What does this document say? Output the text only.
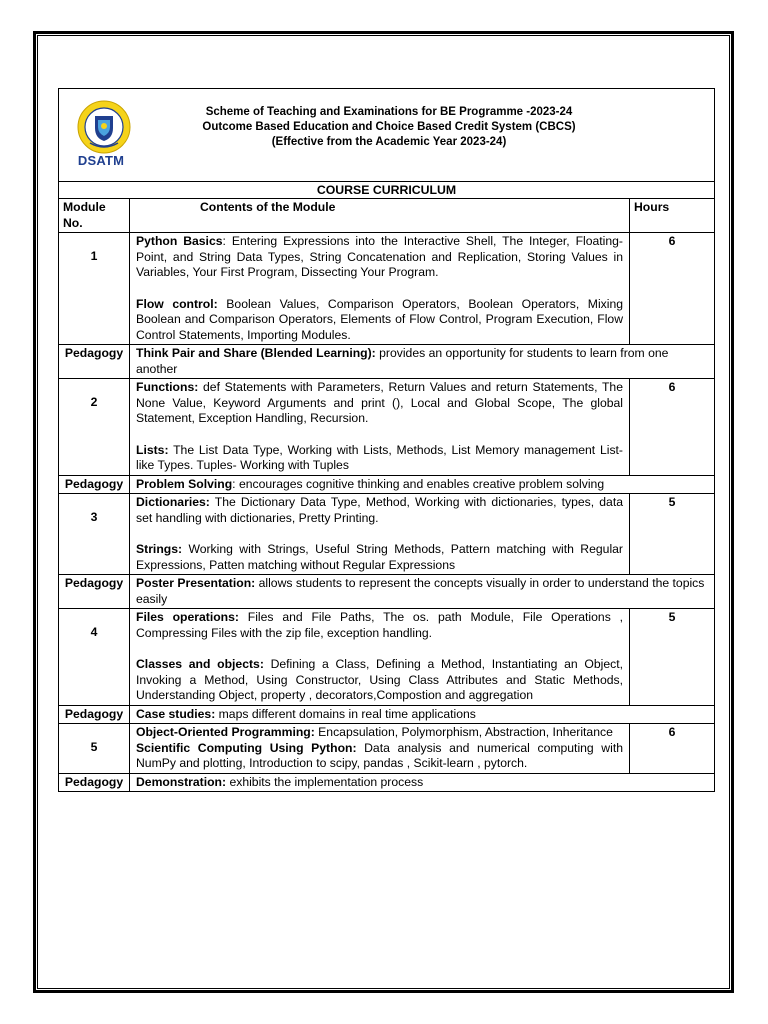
DSATM
Scheme of Teaching and Examinations for BE Programme -2023-24
Outcome Based Education and Choice Based Credit System (CBCS)
(Effective from the Academic Year 2023-24)		

COURSE CURRICULUM		
Module No.	Contents of the Module	Hours
1	Python Basics: Entering Expressions into the Interactive Shell, The Integer, Floating-Point, and String Data Types, String Concatenation and Replication, Storing Values in Variables, Your First Program, Dissecting Your Program.

Flow control: Boolean Values, Comparison Operators, Boolean Operators, Mixing Boolean and Comparison Operators, Elements of Flow Control, Program Execution, Flow Control Statements, Importing Modules.	6
Pedagogy	Think Pair and Share (Blended Learning): provides an opportunity for students to learn from one another	
2	Functions: def Statements with Parameters, Return Values and return Statements, The None Value, Keyword Arguments and print (), Local and Global Scope, The global Statement, Exception Handling, Recursion.

Lists: The List Data Type, Working with Lists, Methods, List Memory management List-like Types. Tuples- Working with Tuples	6
Pedagogy	Problem Solving: encourages cognitive thinking and enables creative problem solving	
3	Dictionaries: The Dictionary Data Type, Method, Working with dictionaries, types, data set handling with dictionaries, Pretty Printing.

Strings: Working with Strings, Useful String Methods, Pattern matching with Regular Expressions, Patten matching without Regular Expressions	5
Pedagogy	Poster Presentation: allows students to represent the concepts visually in order to understand the topics easily	
4	Files operations: Files and File Paths, The os. path Module, File Operations , Compressing Files with the zip file, exception handling.

Classes and objects: Defining a Class, Defining a Method, Instantiating an Object, Invoking a Method, Using Constructor, Using Class Attributes and Static Methods, Understanding Object, property , decorators,Compostion and aggregation	5
Pedagogy	Case studies: maps different domains in real time applications	
5	Object-Oriented Programming: Encapsulation, Polymorphism, Abstraction, Inheritance

Scientific Computing Using Python: Data analysis and numerical computing with NumPy and plotting, Introduction to scipy, pandas , Scikit-learn , pytorch.	6
Pedagogy	Demonstration: exhibits the implementation process	
